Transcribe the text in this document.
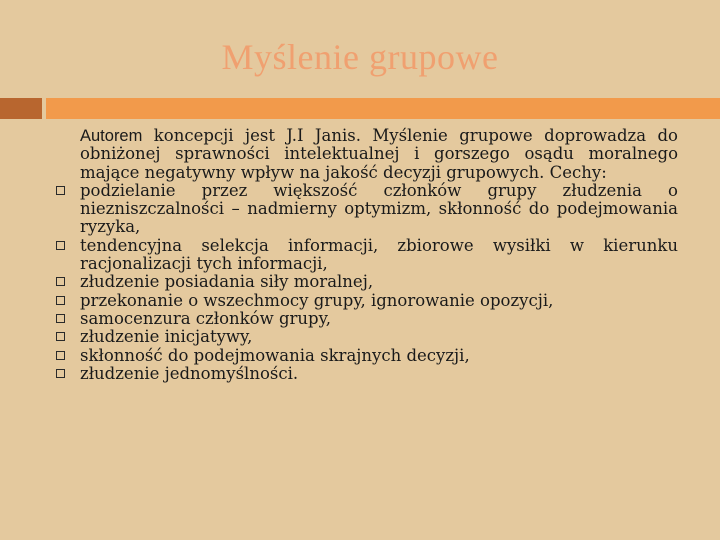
Myślenie grupowe

Autorem koncepcji jest J.I Janis. Myślenie grupowe doprowadza do obniżonej sprawności intelektualnej i gorszego osądu moralnego mające negatywny wpływ na jakość decyzji grupowych. Cechy:

podzielanie przez większość członków grupy złudzenia o niezniszczalności – nadmierny optymizm, skłonność do podejmowania ryzyka,

tendencyjna selekcja informacji, zbiorowe wysiłki w kierunku racjonalizacji tych informacji,

złudzenie posiadania siły moralnej,

przekonanie o wszechmocy grupy, ignorowanie opozycji,

samocenzura członków grupy,

złudzenie inicjatywy,

skłonność do podejmowania skrajnych decyzji,

złudzenie jednomyślności.
